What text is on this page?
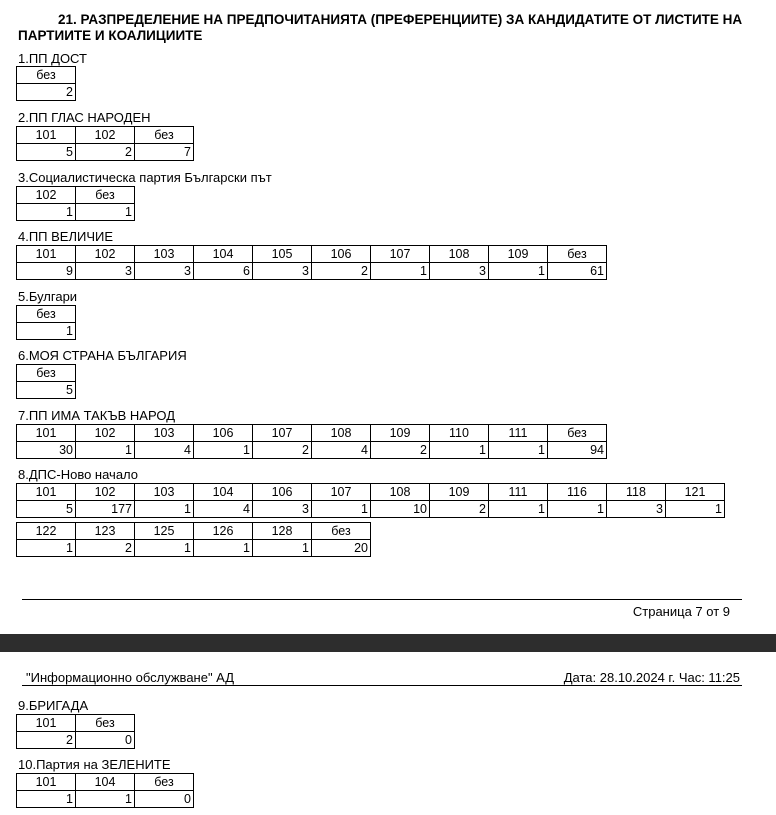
21. РАЗПРЕДЕЛЕНИЕ НА ПРЕДПОЧИТАНИЯТА (ПРЕФЕРЕНЦИИТЕ) ЗА КАНДИДАТИТЕ ОТ ЛИСТИТЕ НА ПАРТИИТЕ И КОАЛИЦИИТЕ
1.ПП ДОСТ
без
2
2.ПП ГЛАС НАРОДЕН
101	102	без
5	2	7
3.Социалистическа партия Български път
102	без
1	1
4.ПП ВЕЛИЧИЕ
101	102	103	104	105	106	107	108	109	без
9	3	3	6	3	2	1	3	1	61
5.Булгари
без
1
6.МОЯ СТРАНА БЪЛГАРИЯ
без
5
7.ПП ИМА ТАКЪВ НАРОД
101	102	103	106	107	108	109	110	111	без
30	1	4	1	2	4	2	1	1	94
8.ДПС-Ново начало
101	102	103	104	106	107	108	109	111	116	118	121
5	177	1	4	3	1	10	2	1	1	3	1
122	123	125	126	128	без
1	2	1	1	1	20
9.БРИГАДА
101	без
2	0
10.Партия на ЗЕЛЕНИТЕ
101	104	без
1	1	0
Страница 7 от 9
"Информационно обслужване" АД	Дата: 28.10.2024 г. Час: 11:25
